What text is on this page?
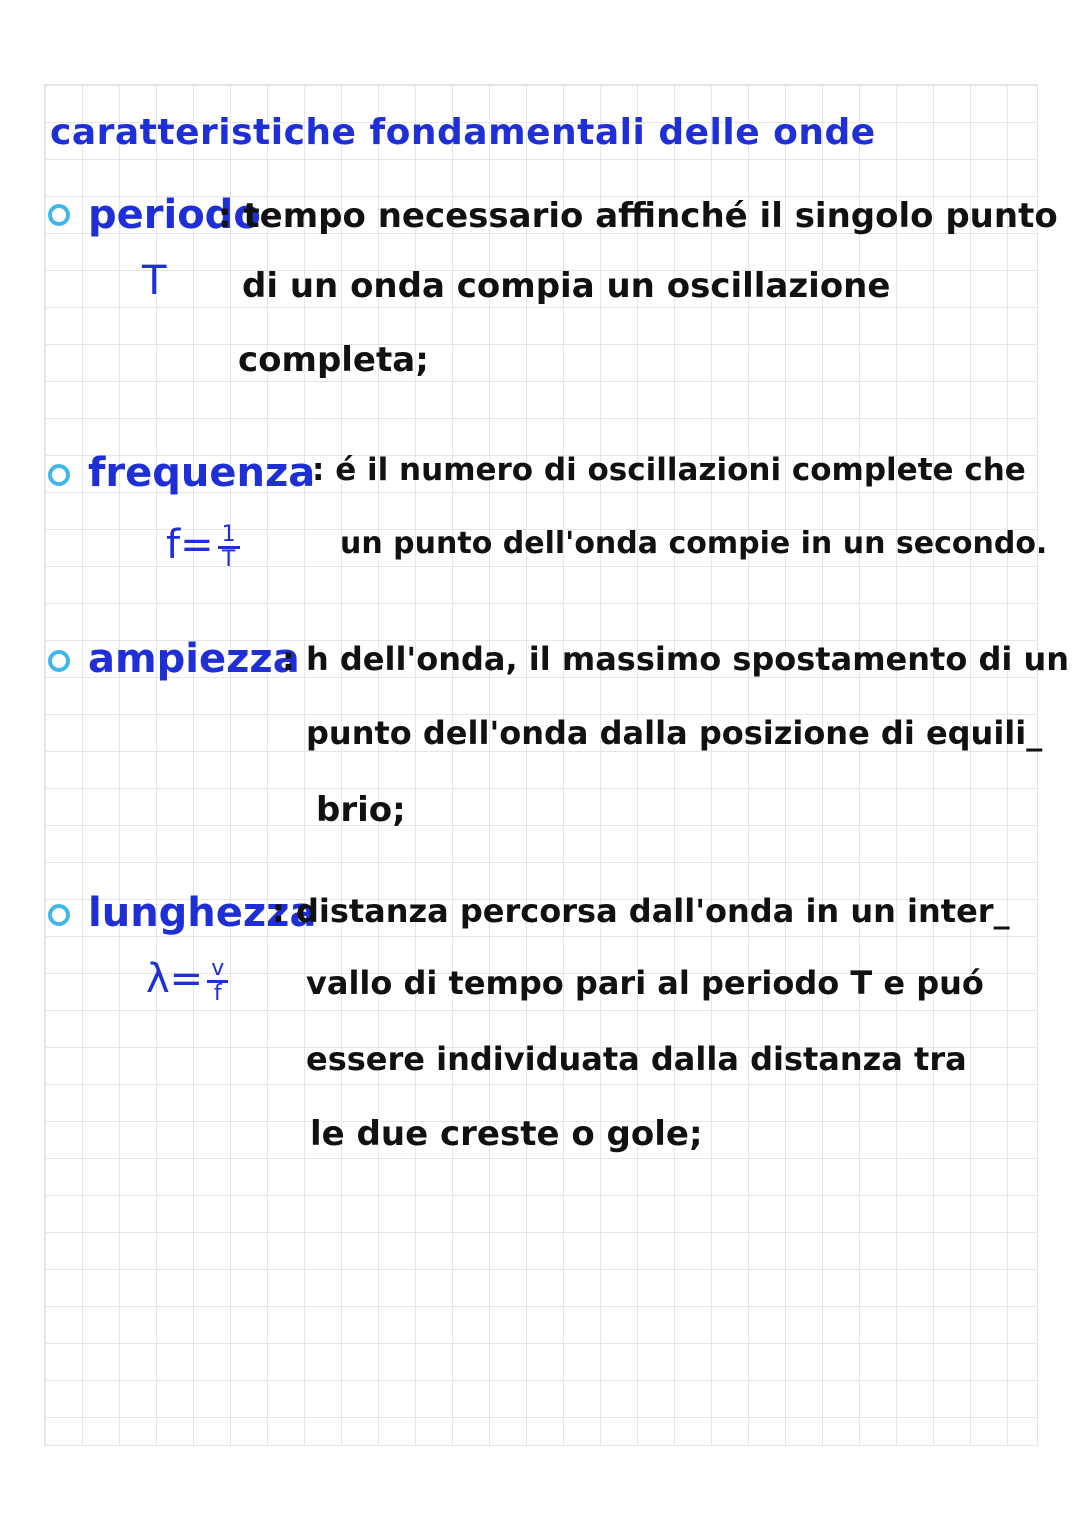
caratteristiche fondamentali delle onde
periodo
T
: tempo necessario affinché il singolo punto
di un onda compia un oscillazione
completa;
frequenza
$f= \frac{1}{T}$
: é il numero di oscillazioni complete che
un punto dell'onda compie in un secondo.
ampiezza
: h dell'onda, il massimo spostamento di un
punto dell'onda dalla posizione di equili_
brio;
lunghezza
$\lambda= \frac{v}{f}$
: distanza percorsa dall'onda in un inter_
vallo di tempo pari al periodo T e puó
essere individuata dalla distanza tra
le due creste o gole;
